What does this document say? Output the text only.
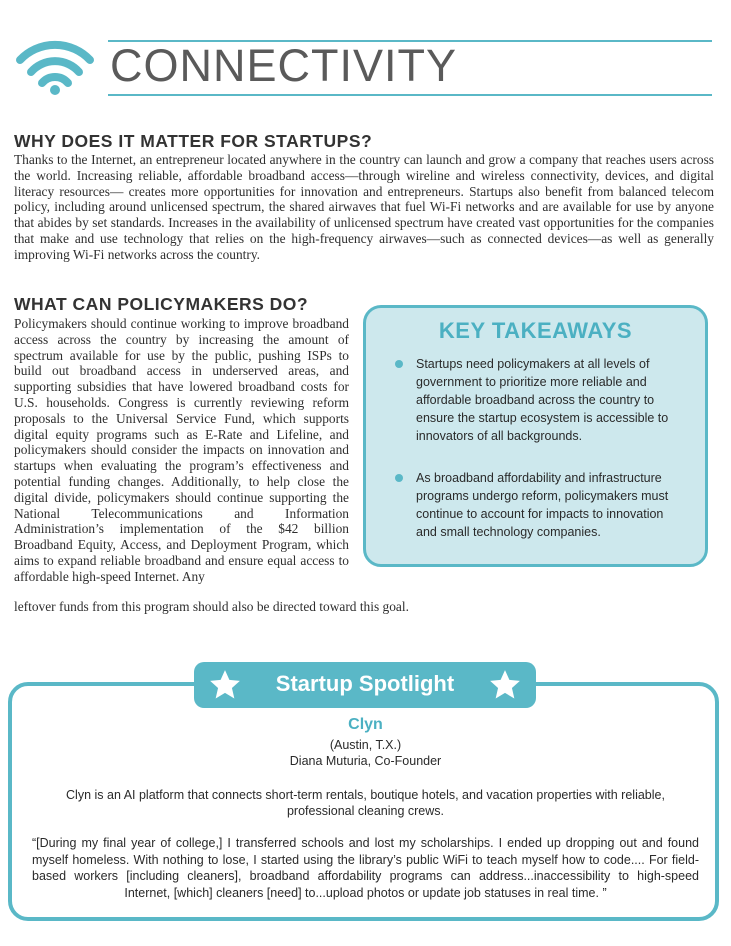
CONNECTIVITY
WHY DOES IT MATTER FOR STARTUPS?
Thanks to the Internet, an entrepreneur located anywhere in the country can launch and grow a company that reaches users across the world. Increasing reliable, affordable broadband access—through wireline and wireless connectivity, devices, and digital literacy resources— creates more opportunities for innovation and entrepreneurs. Startups also benefit from balanced telecom policy, including around unlicensed spectrum, the shared airwaves that fuel Wi-Fi networks and are available for use by anyone that abides by set standards. Increases in the availability of unlicensed spectrum have created vast opportunities for the companies that make and use technology that relies on the high-frequency airwaves—such as connected devices—as well as generally improving Wi-Fi networks across the country.
WHAT CAN POLICYMAKERS DO?
Policymakers should continue working to improve broadband access across the country by increasing the amount of spectrum available for use by the public, pushing ISPs to build out broadband access in underserved areas, and supporting subsidies that have lowered broadband costs for U.S. households. Congress is currently reviewing reform proposals to the Universal Service Fund, which supports digital equity programs such as E-Rate and Lifeline, and policymakers should consider the impacts on innovation and startups when evaluating the program’s effectiveness and potential funding changes. Additionally, to help close the digital divide, policymakers should continue supporting the National Telecommunications and Information Administration’s implementation of the $42 billion Broadband Equity, Access, and Deployment Program, which aims to expand reliable broadband and ensure equal access to affordable high-speed Internet. Any
leftover funds from this program should also be directed toward this goal.
KEY TAKEAWAYS
Startups need policymakers at all levels of government to prioritize more reliable and affordable broadband across the country to ensure the startup ecosystem is accessible to innovators of all backgrounds.
As broadband affordability and infrastructure programs undergo reform, policymakers must continue to account for impacts to innovation and small technology companies.
Startup Spotlight
Clyn
(Austin, T.X.)
Diana Muturia, Co-Founder
Clyn is an AI platform that connects short-term rentals, boutique hotels, and vacation properties with reliable, professional cleaning crews.
“[During my final year of college,] I transferred schools and lost my scholarships. I ended up dropping out and found myself homeless. With nothing to lose, I started using the library’s public WiFi to teach myself how to code.... For field-based workers [including cleaners], broadband affordability programs can address...inaccessibility to high-speed Internet, [which] cleaners [need] to...upload photos or update job statuses in real time. ”
